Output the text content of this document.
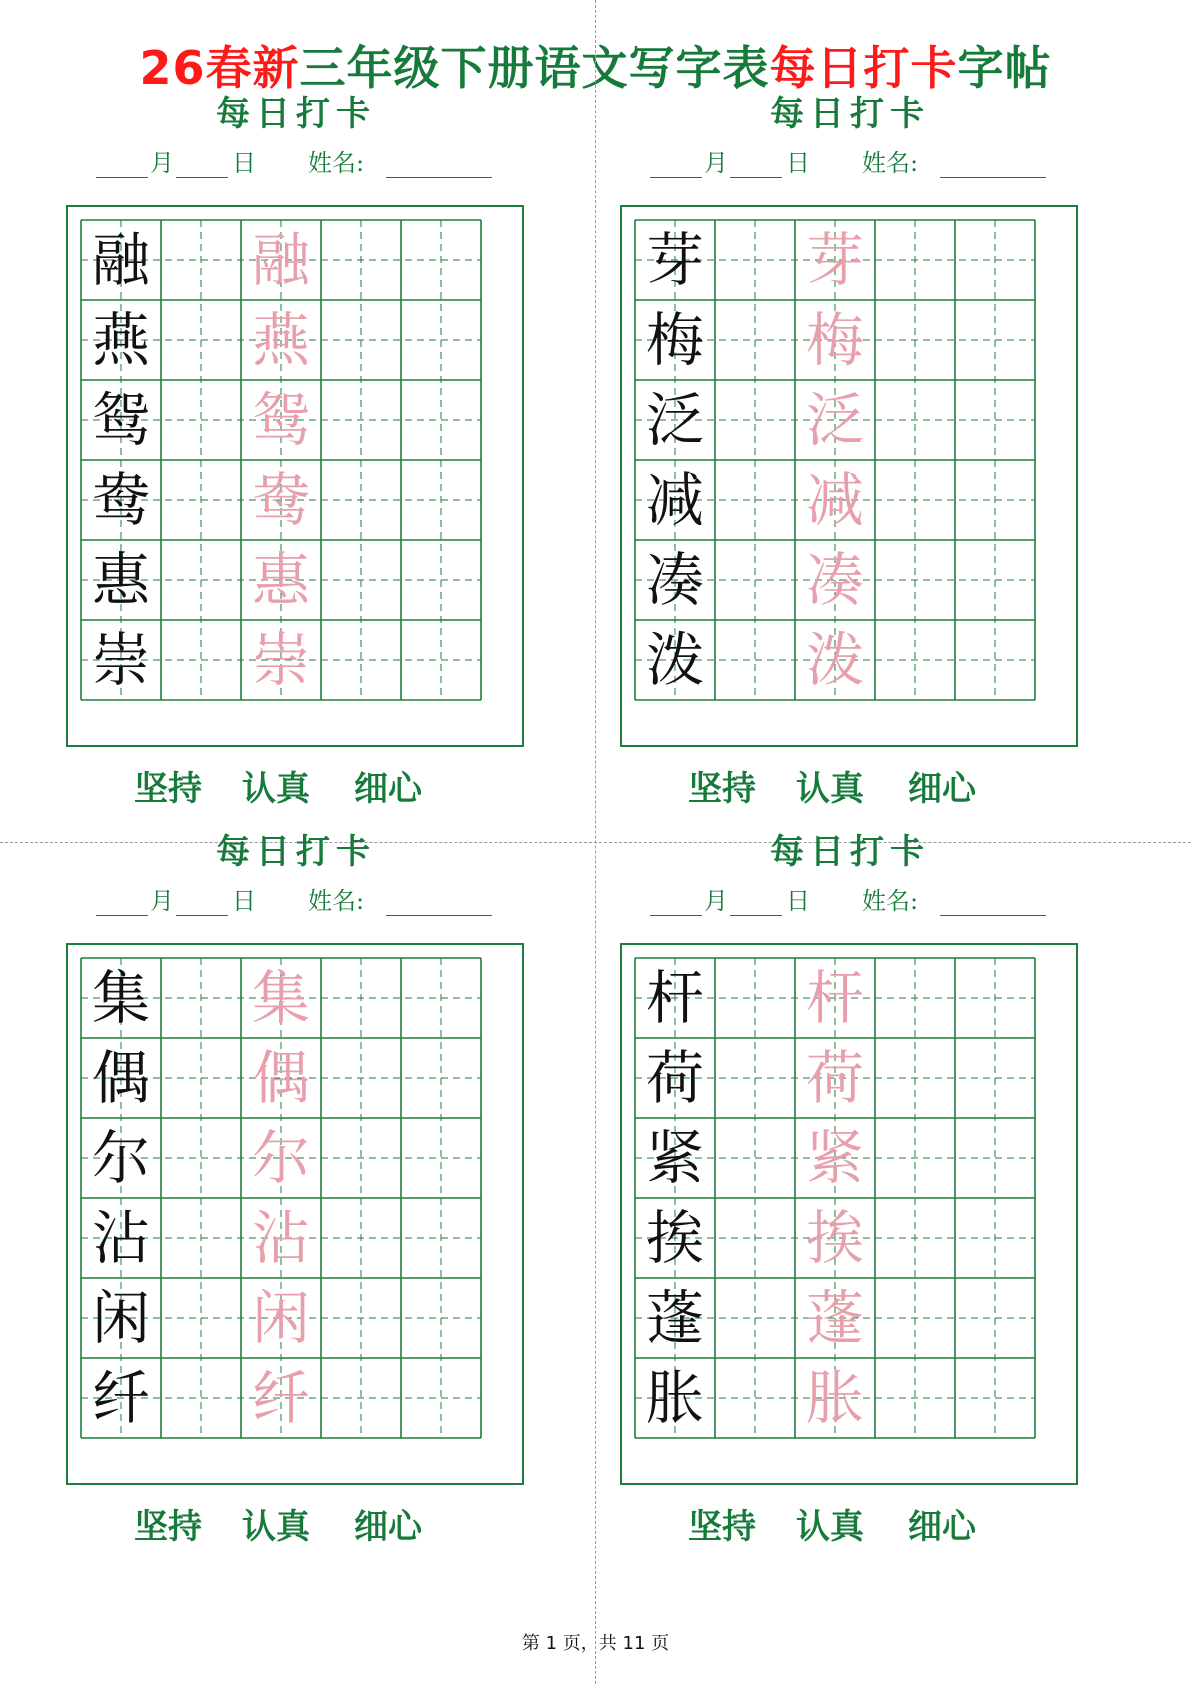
26春新三年级下册语文写字表每日打卡字帖
每日打卡
月 日 姓名:
融 融
燕 燕
鸳 鸳
鸯 鸯
惠 惠
崇 崇
坚持 认真 细心
每日打卡
月 日 姓名:
芽 芽
梅 梅
泛 泛
减 减
凑 凑
泼 泼
坚持 认真 细心
每日打卡
月 日 姓名:
集 集
偶 偶
尔 尔
沾 沾
闲 闲
纤 纤
坚持 认真 细心
每日打卡
月 日 姓名:
杆 杆
荷 荷
紧 紧
挨 挨
蓬 蓬
胀 胀
坚持 认真 细心
第 1 页，共 11 页
